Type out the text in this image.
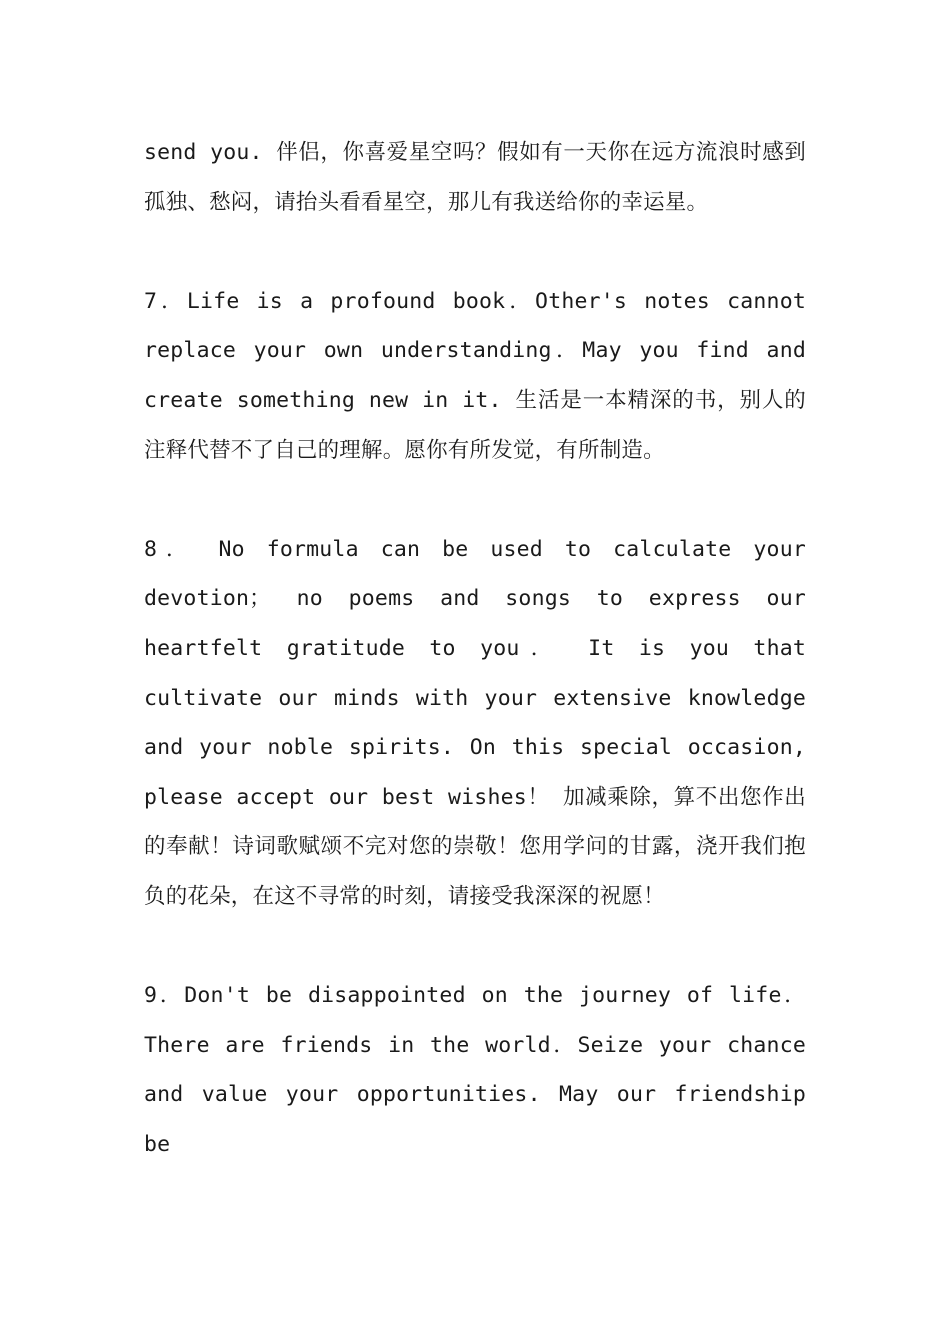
send you. 伴侣，你喜爱星空吗？假如有一天你在远方流浪时感到孤独、愁闷，请抬头看看星空，那儿有我送给你的幸运星。

7．Life is a profound book．Other's notes cannot replace your own understanding．May you find and create something new in it. 生活是一本精深的书，别人的注释代替不了自己的理解。愿你有所发觉，有所制造。

8． No formula can be used to calculate your devotion； no poems and songs to express our heartfelt gratitude to you． It is you that cultivate our minds with your extensive knowledge and your noble spirits. On this special occasion, please accept our best wishes！ 加减乘除，算不出您作出的奉献！诗词歌赋颂不完对您的崇敬！您用学问的甘露，浇开我们抱负的花朵，在这不寻常的时刻，请接受我深深的祝愿！

9．Don't be disappointed on the journey of life． There are friends in the world．Seize your chance and value your opportunities. May our friendship be
